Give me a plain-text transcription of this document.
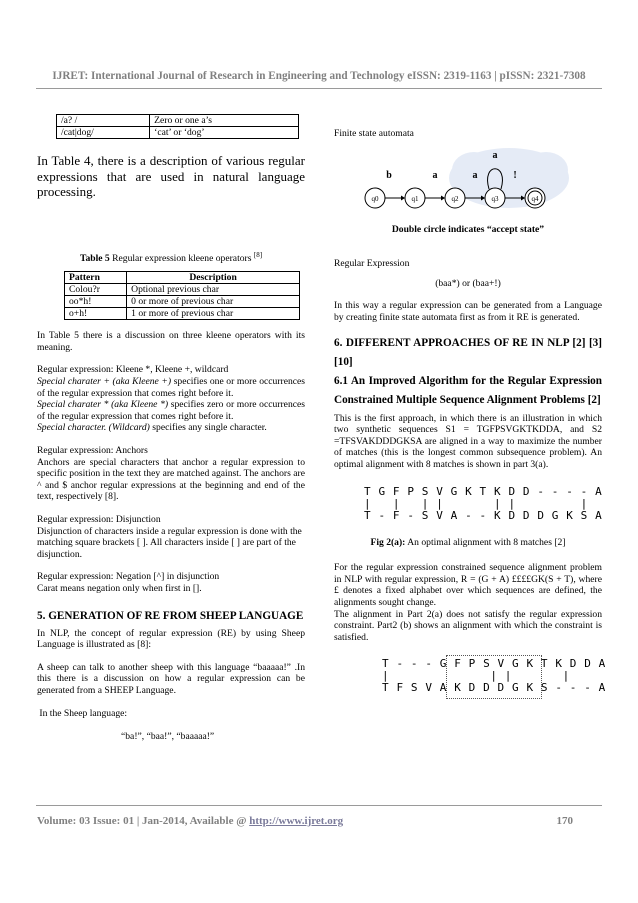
IJRET: International Journal of Research in Engineering and Technology eISSN: 2319-1163 | pISSN: 2321-7308
/a? /	Zero or one a’s
/cat|dog/	‘cat’ or ‘dog’

In Table 4, there is a description of various regular expressions that are used in natural language processing.

Table 5 Regular expression kleene operators [8]

Pattern	Description
Colou?r	Optional previous char
oo*h!	0 or more of previous char
o+h!	1 or more of previous char

In Table 5 there is a discussion on three kleene operators with its meaning.

Regular expression: Kleene *, Kleene +, wildcard

Special charater + (aka Kleene +) specifies one or more occurrences of the regular expression that comes right before it.

Special charater * (aka Kleene *) specifies zero or more occurrences of the regular expression that comes right before it.

Special character. (Wildcard) specifies any single character.

Regular expression: Anchors

Anchors are special characters that anchor a regular expression to specific position in the text they are matched against. The anchors are ^ and $ anchor regular expressions at the beginning and end of the text, respectively [8].

Regular expression: Disjunction

Disjunction of characters inside a regular expression is done with the matching square brackets [ ]. All characters inside [ ] are part of the disjunction.

Regular expression: Negation [^] in disjunction

Carat means negation only when first in [].

5. GENERATION OF RE FROM SHEEP LANGUAGE

In NLP, the concept of regular expression (RE) by using Sheep Language is illustrated as [8]:

A sheep can talk to another sheep with this language “baaaaa!” .In this there is a discussion on how a regular expression can be generated from a SHEEP Language.

In the Sheep language:

“ba!”, “baa!”, “baaaaa!”

Finite state automata

b	a	a	!
a
q0	q1	q2	q3	q4

Double circle indicates “accept state”

Regular Expression

(baa*) or (baa+!)

In this way a regular expression can be generated from a Language by creating finite state automata first as from it RE is generated.

6. DIFFERENT APPROACHES OF RE IN NLP [2] [3] [10]

6.1 An Improved Algorithm for the Regular Expression Constrained Multiple Sequence Alignment Problems [2]

This is the first approach, in which there is an illustration in which two synthetic sequences S1 = TGFPSVGKTKDDA, and S2 =TFSVAKDDDGKSA are aligned in a way to maximize the number of matches (this is the longest common subsequence problem). An optimal alignment with 8 matches is shown in part 3(a).

T G F P S V G K T K D D - - - - A
|   |   | |       | |         |
T - F - S V A - - K D D D G K S A

Fig 2(a): An optimal alignment with 8 matches [2]

For the regular expression constrained sequence alignment problem in NLP with regular expression, R = (G + A) ££££GK(S + T), where £ denotes a fixed alphabet over which sequences are defined, the alignments sought change.

The alignment in Part 2(a) does not satisfy the regular expression constraint. Part2 (b) shows an alignment with which the constraint is satisfied.

T - - - G F P S V G K T K D D A
|              | |       |
T F S V A K D D D G K S - - - A
Volume: 03 Issue: 01 | Jan-2014, Available @ http://www.ijret.org	170
